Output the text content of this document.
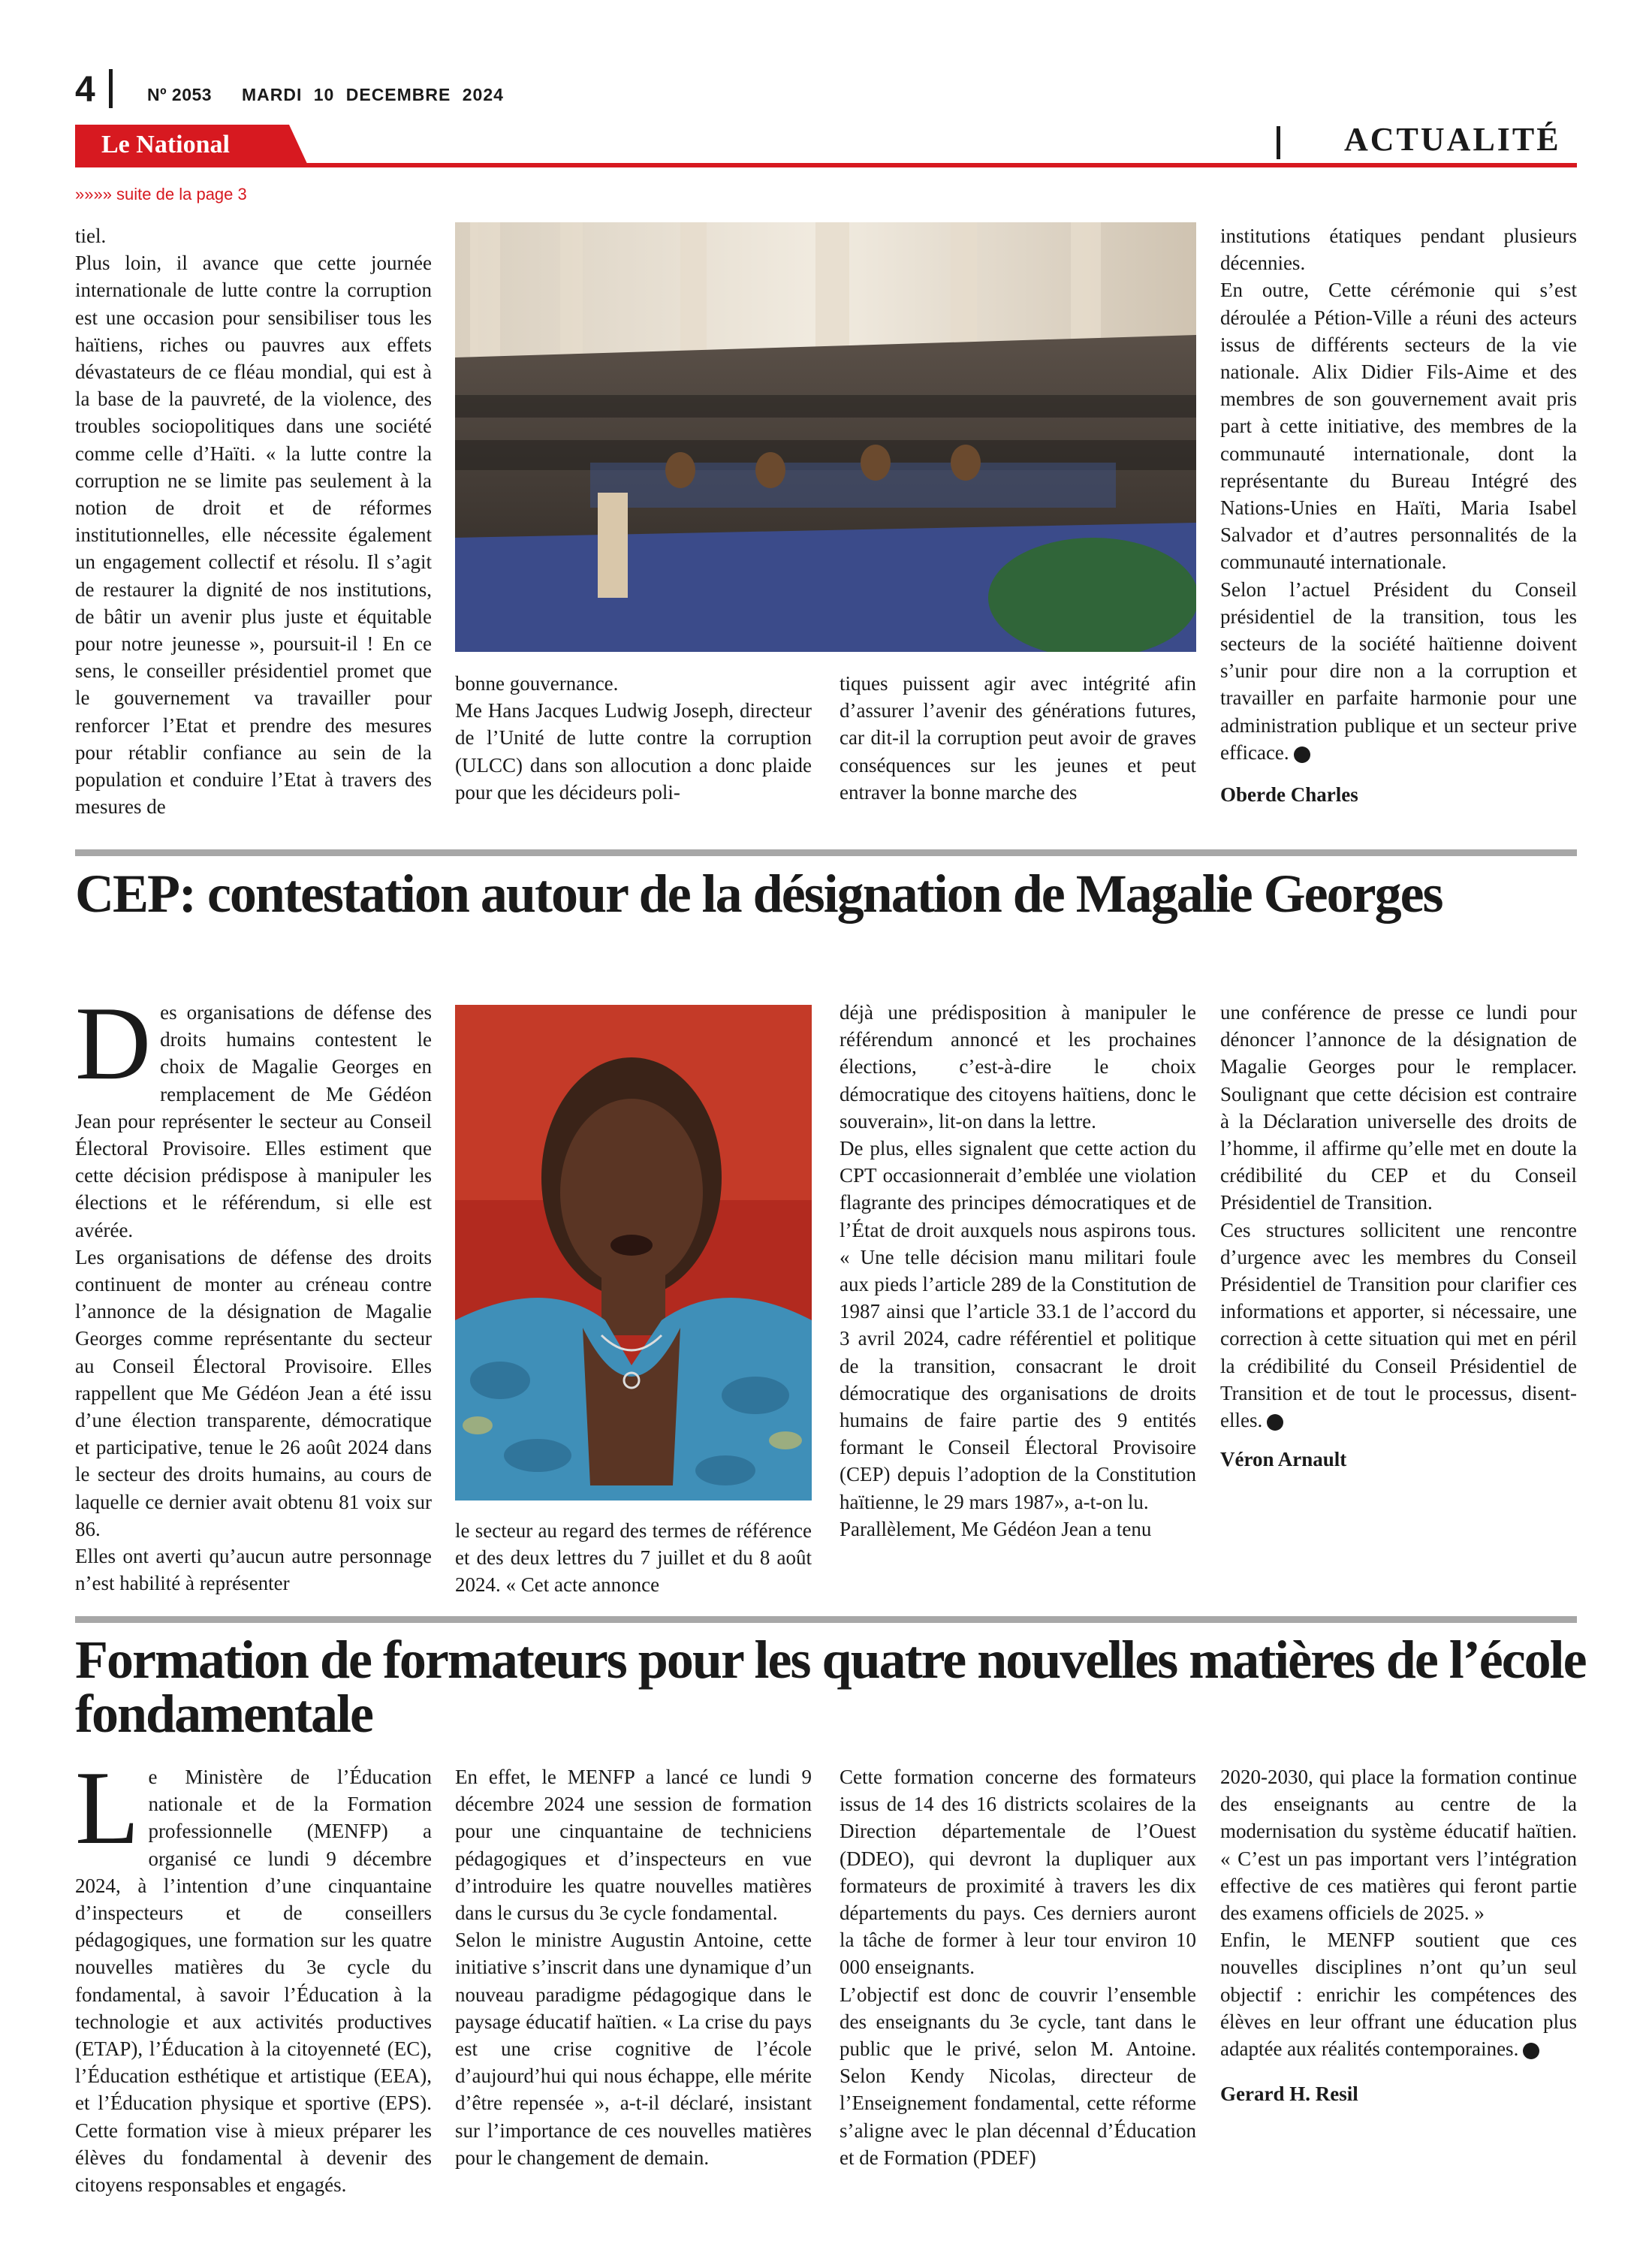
4	Nº 2053 MARDI 10 DECEMBRE 2024
Le National	ACTUALITÉ
»»»» suite de la page 3

tiel.
Plus loin, il avance que cette journée internationale de lutte contre la corruption est une occasion pour sensibiliser tous les haïtiens, riches ou pauvres aux effets dévastateurs de ce fléau mondial, qui est à la base de la pauvreté, de la violence, des troubles sociopolitiques dans une société comme celle d’Haïti. « la lutte contre la corruption ne se limite pas seulement à la notion de droit et de réformes institutionnelles, elle nécessite également un engagement collectif et résolu. Il s’agit de restaurer la dignité de nos institutions, de bâtir un avenir plus juste et équitable pour notre jeunesse », poursuit-il ! En ce sens, le conseiller présidentiel promet que le gouvernement va travailler pour renforcer l’Etat et prendre des mesures pour rétablir confiance au sein de la population et conduire l’Etat à travers des mesures de

bonne gouvernance.
Me Hans Jacques Ludwig Joseph, directeur de l’Unité de lutte contre la corruption (ULCC) dans son allocution a donc plaide pour que les décideurs poli-

tiques puissent agir avec intégrité afin d’assurer l’avenir des générations futures, car dit-il la corruption peut avoir de graves conséquences sur les jeunes et peut entraver la bonne marche des

institutions étatiques pendant plusieurs décennies.
En outre, Cette cérémonie qui s’est déroulée a Pétion-Ville a réuni des acteurs issus de différents secteurs de la vie nationale. Alix Didier Fils-Aime et des membres de son gouvernement avait pris part à cette initiative, des membres de la communauté internationale, dont la représentante du Bureau Intégré des Nations-Unies en Haïti, Maria Isabel Salvador et d’autres personnalités de la communauté internationale.
Selon l’actuel Président du Conseil présidentiel de la transition, tous les secteurs de la société haïtienne doivent s’unir pour dire non a la corruption et travailler en parfaite harmonie pour une administration publique et un secteur prive efficace.

Oberde Charles

CEP: contestation autour de la désignation de Magalie Georges

Des organisations de défense des droits humains contestent le choix de Magalie Georges en remplacement de Me Gédéon Jean pour représenter le secteur au Conseil Électoral Provisoire. Elles estiment que cette décision prédispose à manipuler les élections et le référendum, si elle est avérée.
Les organisations de défense des droits continuent de monter au créneau contre l’annonce de la désignation de Magalie Georges comme représentante du secteur au Conseil Électoral Provisoire. Elles rappellent que Me Gédéon Jean a été issu d’une élection transparente, démocratique et participative, tenue le 26 août 2024 dans le secteur des droits humains, au cours de laquelle ce dernier avait obtenu 81 voix sur 86.
Elles ont averti qu’aucun autre personnage n’est habilité à représenter

le secteur au regard des termes de référence et des deux lettres du 7 juillet et du 8 août 2024. « Cet acte annonce

déjà une prédisposition à manipuler le référendum annoncé et les prochaines élections, c’est-à-dire le choix démocratique des citoyens haïtiens, donc le souverain», lit-on dans la lettre.
De plus, elles signalent que cette action du CPT occasionnerait d’emblée une violation flagrante des principes démocratiques et de l’État de droit auxquels nous aspirons tous. « Une telle décision manu militari foule aux pieds l’article 289 de la Constitution de 1987 ainsi que l’article 33.1 de l’accord du 3 avril 2024, cadre référentiel et politique de la transition, consacrant le droit démocratique des organisations de droits humains de faire partie des 9 entités formant le Conseil Électoral Provisoire (CEP) depuis l’adoption de la Constitution haïtienne, le 29 mars 1987», a-t-on lu.
Parallèlement, Me Gédéon Jean a tenu

une conférence de presse ce lundi pour dénoncer l’annonce de la désignation de Magalie Georges pour le remplacer. Soulignant que cette décision est contraire à la Déclaration universelle des droits de l’homme, il affirme qu’elle met en doute la crédibilité du CEP et du Conseil Présidentiel de Transition.
Ces structures sollicitent une rencontre d’urgence avec les membres du Conseil Présidentiel de Transition pour clarifier ces informations et apporter, si nécessaire, une correction à cette situation qui met en péril la crédibilité du Conseil Présidentiel de Transition et de tout le processus, disent-elles.

Véron Arnault

Formation de formateurs pour les quatre nouvelles matières de l’école fondamentale

Le Ministère de l’Éducation nationale et de la Formation professionnelle (MENFP) a organisé ce lundi 9 décembre 2024, à l’intention d’une cinquantaine d’inspecteurs et de conseillers pédagogiques, une formation sur les quatre nouvelles matières du 3e cycle du fondamental, à savoir l’Éducation à la technologie et aux activités productives (ETAP), l’Éducation à la citoyenneté (EC), l’Éducation esthétique et artistique (EEA), et l’Éducation physique et sportive (EPS). Cette formation vise à mieux préparer les élèves du fondamental à devenir des citoyens responsables et engagés.

En effet, le MENFP a lancé ce lundi 9 décembre 2024 une session de formation pour une cinquantaine de techniciens pédagogiques et d’inspecteurs en vue d’introduire les quatre nouvelles matières dans le cursus du 3e cycle fondamental.
Selon le ministre Augustin Antoine, cette initiative s’inscrit dans une dynamique d’un nouveau paradigme pédagogique dans le paysage éducatif haïtien. « La crise du pays est une crise cognitive de l’école d’aujourd’hui qui nous échappe, elle mérite d’être repensée », a-t-il déclaré, insistant sur l’importance de ces nouvelles matières pour le changement de demain.

Cette formation concerne des formateurs issus de 14 des 16 districts scolaires de la Direction départementale de l’Ouest (DDEO), qui devront la dupliquer aux formateurs de proximité à travers les dix départements du pays. Ces derniers auront la tâche de former à leur tour environ 10 000 enseignants.
L’objectif est donc de couvrir l’ensemble des enseignants du 3e cycle, tant dans le public que le privé, selon M. Antoine. Selon Kendy Nicolas, directeur de l’Enseignement fondamental, cette réforme s’aligne avec le plan décennal d’Éducation et de Formation (PDEF)

2020-2030, qui place la formation continue des enseignants au centre de la modernisation du système éducatif haïtien. « C’est un pas important vers l’intégration effective de ces matières qui feront partie des examens officiels de 2025. »
Enfin, le MENFP soutient que ces nouvelles disciplines n’ont qu’un seul objectif : enrichir les compétences des élèves en leur offrant une éducation plus adaptée aux réalités contemporaines.

Gerard H. Resil
